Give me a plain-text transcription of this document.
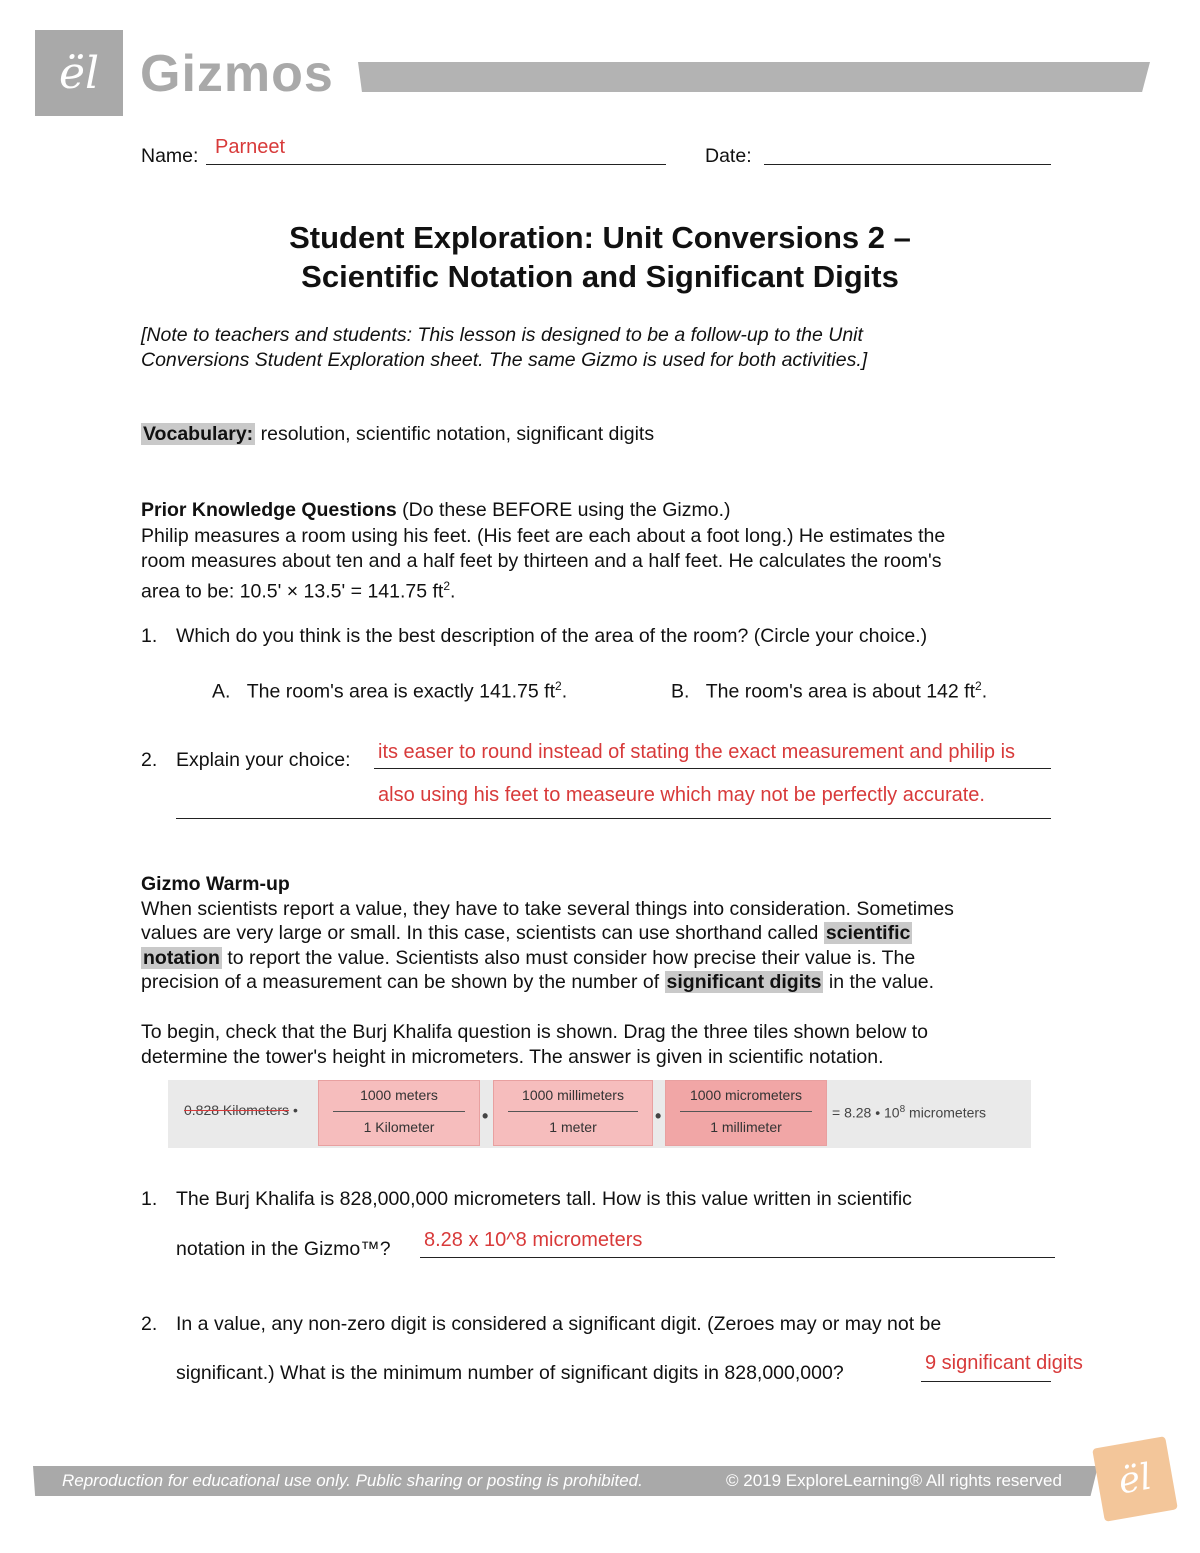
ël Gizmos
Name: Parneet	Date:
Student Exploration: Unit Conversions 2 –
Scientific Notation and Significant Digits
[Note to teachers and students: This lesson is designed to be a follow-up to the Unit
Conversions Student Exploration sheet. The same Gizmo is used for both activities.]
Vocabulary: resolution, scientific notation, significant digits
Prior Knowledge Questions (Do these BEFORE using the Gizmo.)
Philip measures a room using his feet. (His feet are each about a foot long.) He estimates the
room measures about ten and a half feet by thirteen and a half feet. He calculates the room's
area to be: 10.5' × 13.5' = 141.75 $ft^2$.
1. Which do you think is the best description of the area of the room? (Circle your choice.)
A. The room's area is exactly 141.75 $ft^2$.	B. The room's area is about 142 $ft^2$.
2. Explain your choice: its easer to round instead of stating the exact measurement and philip is
also using his feet to measeure which may not be perfectly accurate.
Gizmo Warm-up
When scientists report a value, they have to take several things into consideration. Sometimes
values are very large or small. In this case, scientists can use shorthand called scientific
notation to report the value. Scientists also must consider how precise their value is. The
precision of a measurement can be shown by the number of significant digits in the value.
To begin, check that the Burj Khalifa question is shown. Drag the three tiles shown below to
determine the tower's height in micrometers. The answer is given in scientific notation.
0.828 Kilometers •
1000 meters
1 Kilometer
•
1000 millimeters
1 meter
•
1000 micrometers
1 millimeter
= 8.28 • $10^8$ micrometers
1. The Burj Khalifa is 828,000,000 micrometers tall. How is this value written in scientific
notation in the Gizmo™? 8.28 x 10^8 micrometers
2. In a value, any non-zero digit is considered a significant digit. (Zeroes may or may not be
significant.) What is the minimum number of significant digits in 828,000,000?	9 significant digits
Reproduction for educational use only. Public sharing or posting is prohibited.	© 2019 ExploreLearning® All rights reserved	ël
